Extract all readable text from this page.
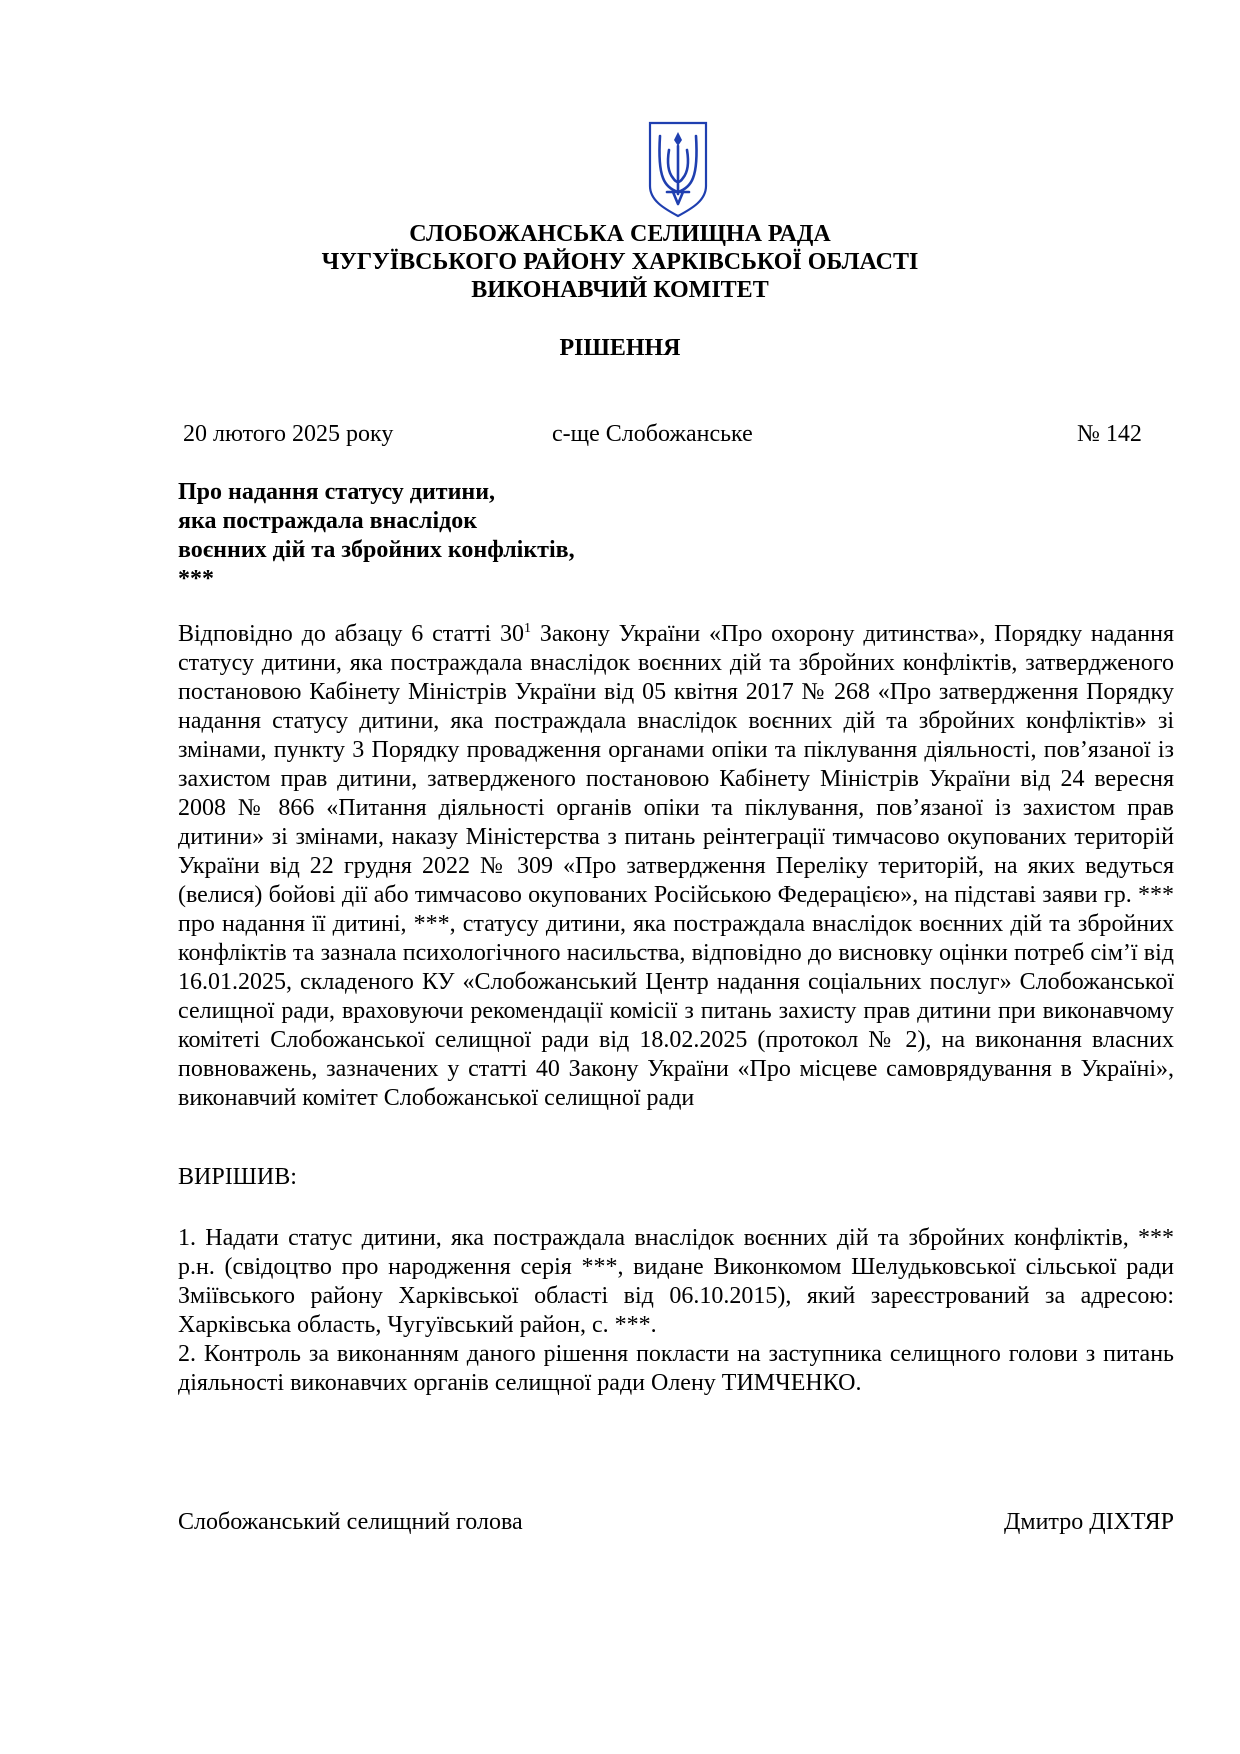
СЛОБОЖАНСЬКА СЕЛИЩНА РАДА
ЧУГУЇВСЬКОГО РАЙОНУ ХАРКІВСЬКОЇ ОБЛАСТІ
ВИКОНАВЧИЙ КОМІТЕТ
РІШЕННЯ
20 лютого 2025 року	с-ще Слобожанське	№ 142
Про надання статусу дитини,
яка постраждала внаслідок
воєнних дій та збройних конфліктів,
***
Відповідно до абзацу 6 статті $30^1$ Закону України «Про охорону дитинства», Порядку надання статусу дитини, яка постраждала внаслідок воєнних дій та збройних конфліктів, затвердженого постановою Кабінету Міністрів України від 05 квітня 2017 № 268 «Про затвердження Порядку надання статусу дитини, яка постраждала внаслідок воєнних дій та збройних конфліктів» зі змінами, пункту 3 Порядку провадження органами опіки та піклування діяльності, пов’язаної із захистом прав дитини, затвердженого постановою Кабінету Міністрів України від 24 вересня 2008 № 866 «Питання діяльності органів опіки та піклування, пов’язаної із захистом прав дитини» зі змінами, наказу Міністерства з питань реінтеграції тимчасово окупованих територій України від 22 грудня 2022 № 309 «Про затвердження Переліку територій, на яких ведуться (велися) бойові дії або тимчасово окупованих Російською Федерацією», на підставі заяви гр. *** про надання її дитині, ***, статусу дитини, яка постраждала внаслідок воєнних дій та збройних конфліктів та зазнала психологічного насильства, відповідно до висновку оцінки потреб сім’ї від 16.01.2025, складеного КУ «Слобожанський Центр надання соціальних послуг» Слобожанської селищної ради, враховуючи рекомендації комісії з питань захисту прав дитини при виконавчому комітеті Слобожанської селищної ради від 18.02.2025 (протокол № 2), на виконання власних повноважень, зазначених у статті 40 Закону України «Про місцеве самоврядування в Україні», виконавчий комітет Слобожанської селищної ради
ВИРІШИВ:

1. Надати статус дитини, яка постраждала внаслідок воєнних дій та збройних конфліктів, *** р.н. (свідоцтво про народження серія ***, видане Виконкомом Шелудьковської сільської ради Зміївського району Харківської області від 06.10.2015), який зареєстрований за адресою: Харківська область, Чугуївський район, с. ***.

2. Контроль за виконанням даного рішення покласти на заступника селищного голови з питань діяльності виконавчих органів селищної ради Олену ТИМЧЕНКО.

Слобожанський селищний голова	Дмитро ДІХТЯР
